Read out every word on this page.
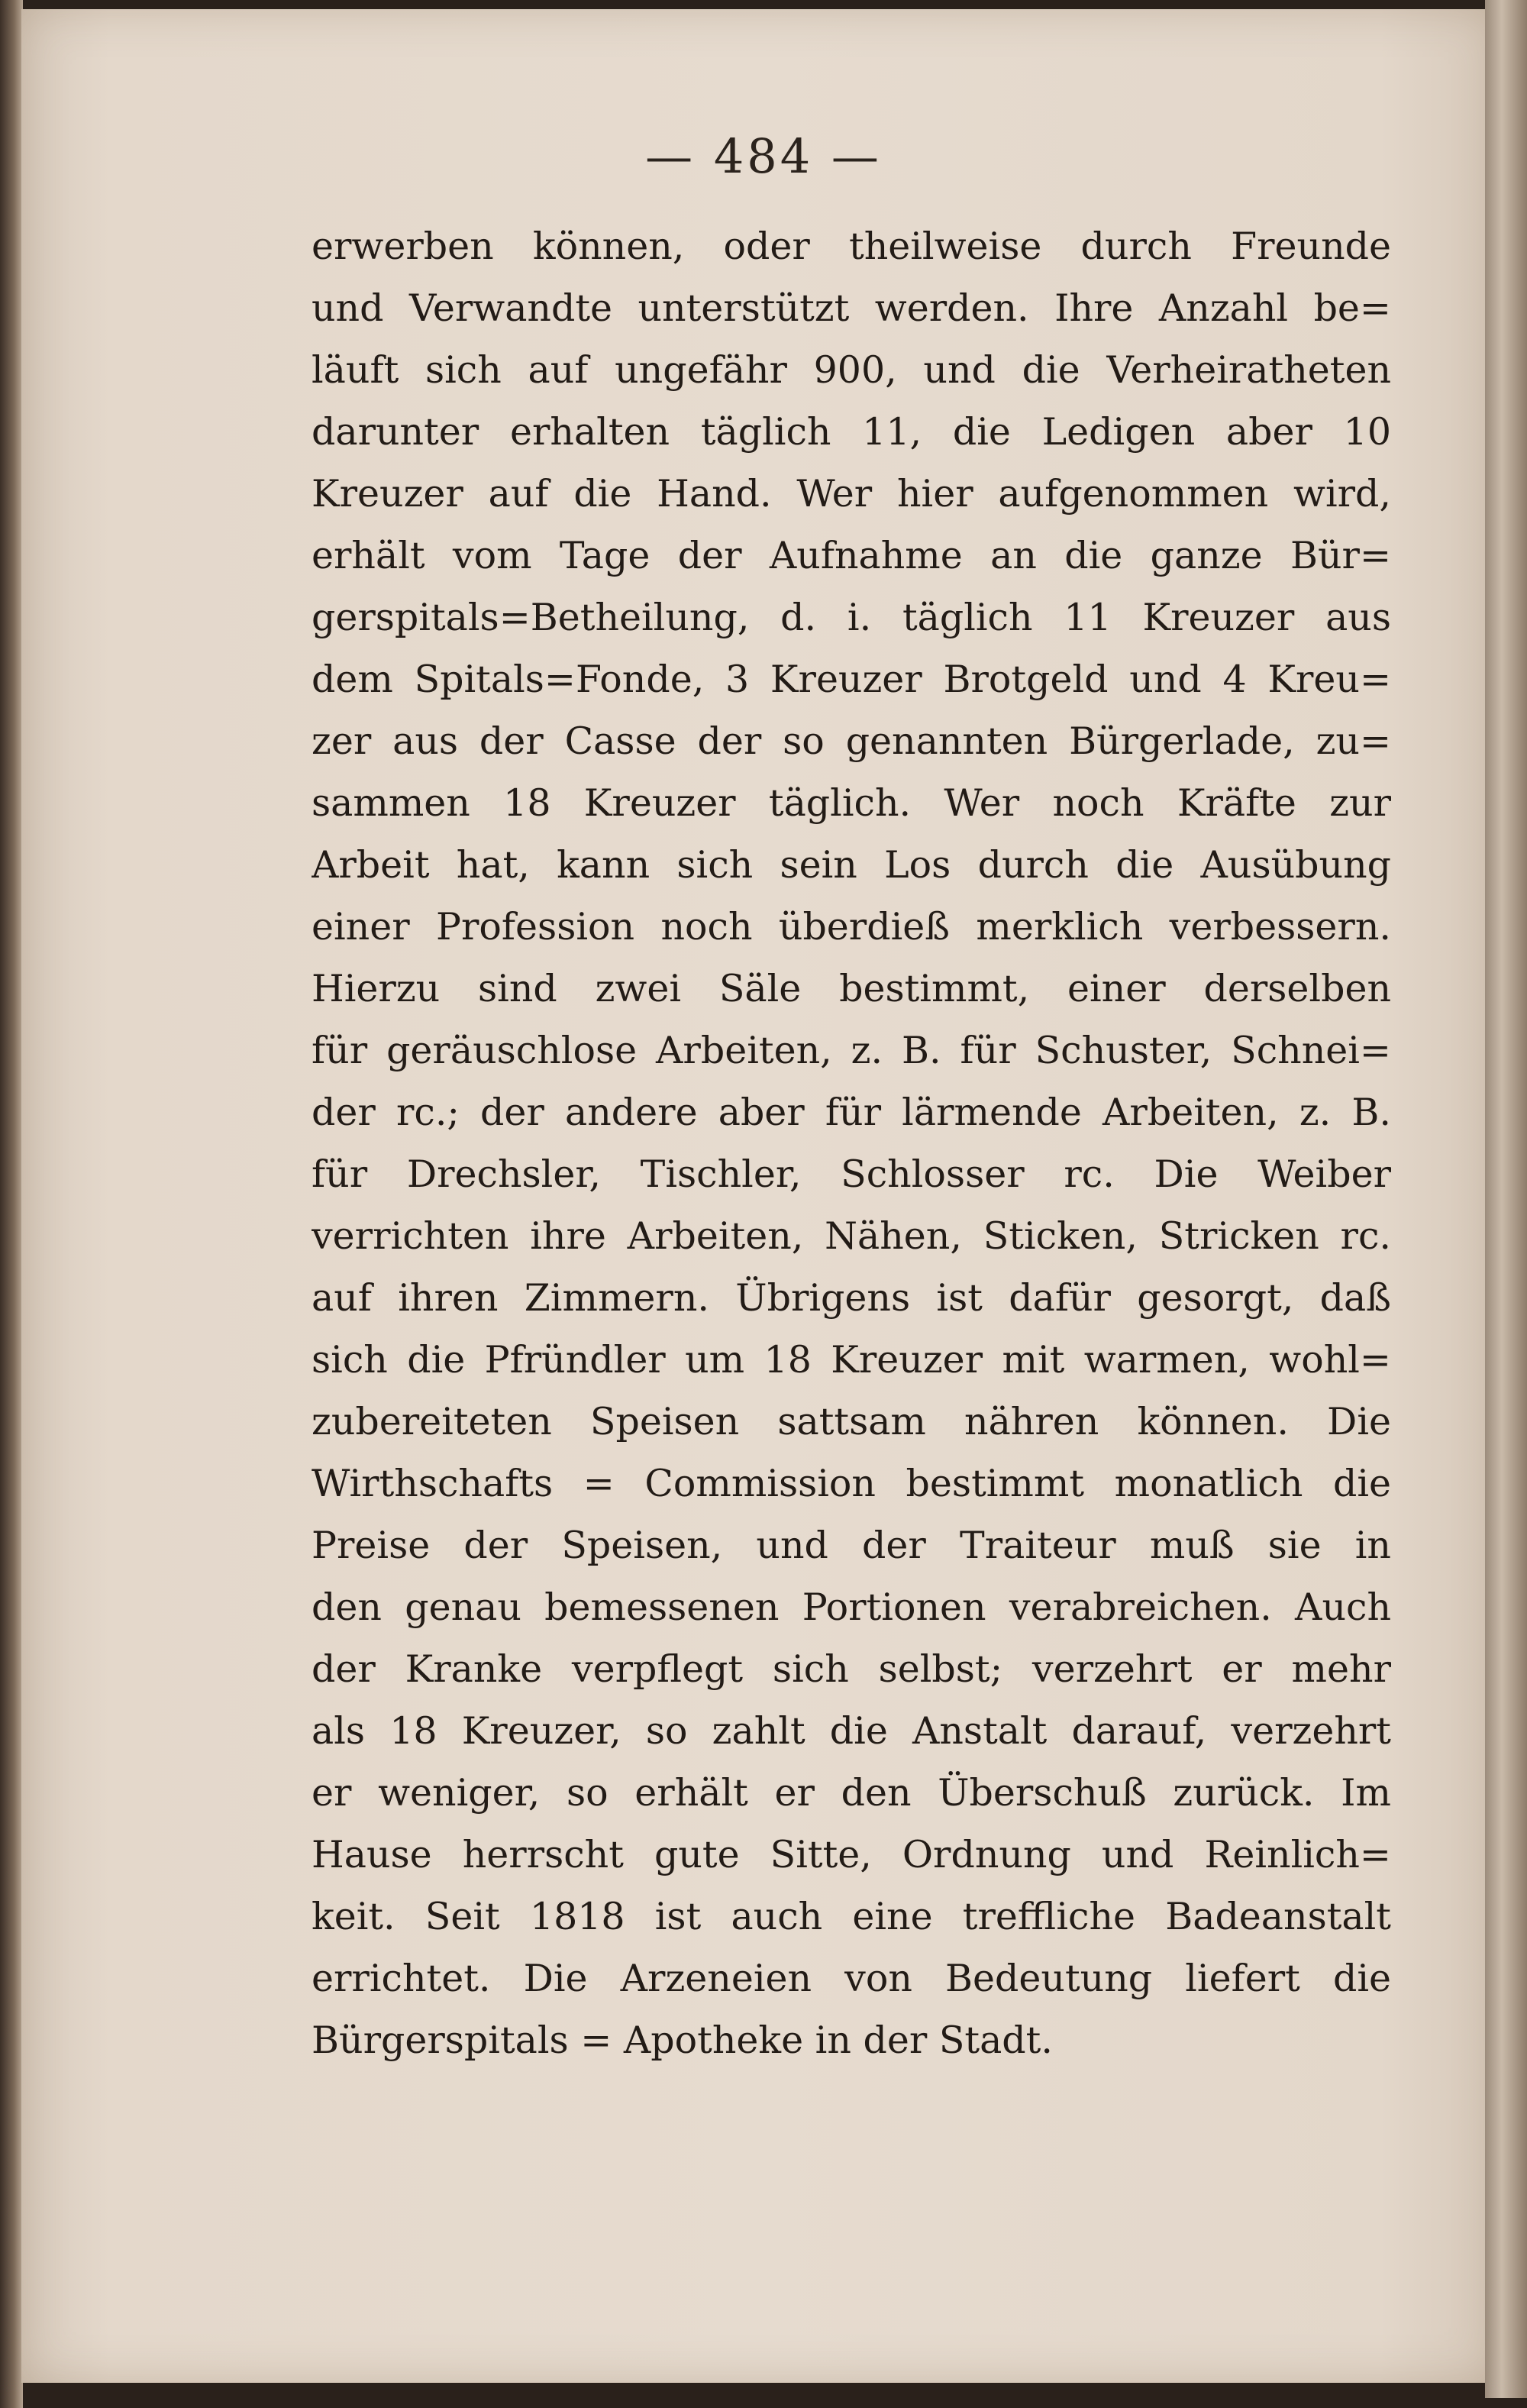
— 484 —
erwerben können, oder theilweise durch Freunde
und Verwandte unterstützt werden. Ihre Anzahl be=
läuft sich auf ungefähr 900, und die Verheiratheten
darunter erhalten täglich 11, die Ledigen aber 10
Kreuzer auf die Hand. Wer hier aufgenommen wird,
erhält vom Tage der Aufnahme an die ganze Bür=
gerspitals=Betheilung, d. i. täglich 11 Kreuzer aus
dem Spitals=Fonde, 3 Kreuzer Brotgeld und 4 Kreu=
zer aus der Casse der so genannten Bürgerlade, zu=
sammen 18 Kreuzer täglich. Wer noch Kräfte zur
Arbeit hat, kann sich sein Los durch die Ausübung
einer Profession noch überdieß merklich verbessern.
Hierzu sind zwei Säle bestimmt, einer derselben
für geräuschlose Arbeiten, z. B. für Schuster, Schnei=
der rc.; der andere aber für lärmende Arbeiten, z. B.
für Drechsler, Tischler, Schlosser rc. Die Weiber
verrichten ihre Arbeiten, Nähen, Sticken, Stricken rc.
auf ihren Zimmern. Übrigens ist dafür gesorgt, daß
sich die Pfründler um 18 Kreuzer mit warmen, wohl=
zubereiteten Speisen sattsam nähren können. Die
Wirthschafts = Commission bestimmt monatlich die
Preise der Speisen, und der Traiteur muß sie in
den genau bemessenen Portionen verabreichen. Auch
der Kranke verpflegt sich selbst; verzehrt er mehr
als 18 Kreuzer, so zahlt die Anstalt darauf, verzehrt
er weniger, so erhält er den Überschuß zurück. Im
Hause herrscht gute Sitte, Ordnung und Reinlich=
keit. Seit 1818 ist auch eine treffliche Badeanstalt
errichtet. Die Arzeneien von Bedeutung liefert die
Bürgerspitals = Apotheke in der Stadt.
